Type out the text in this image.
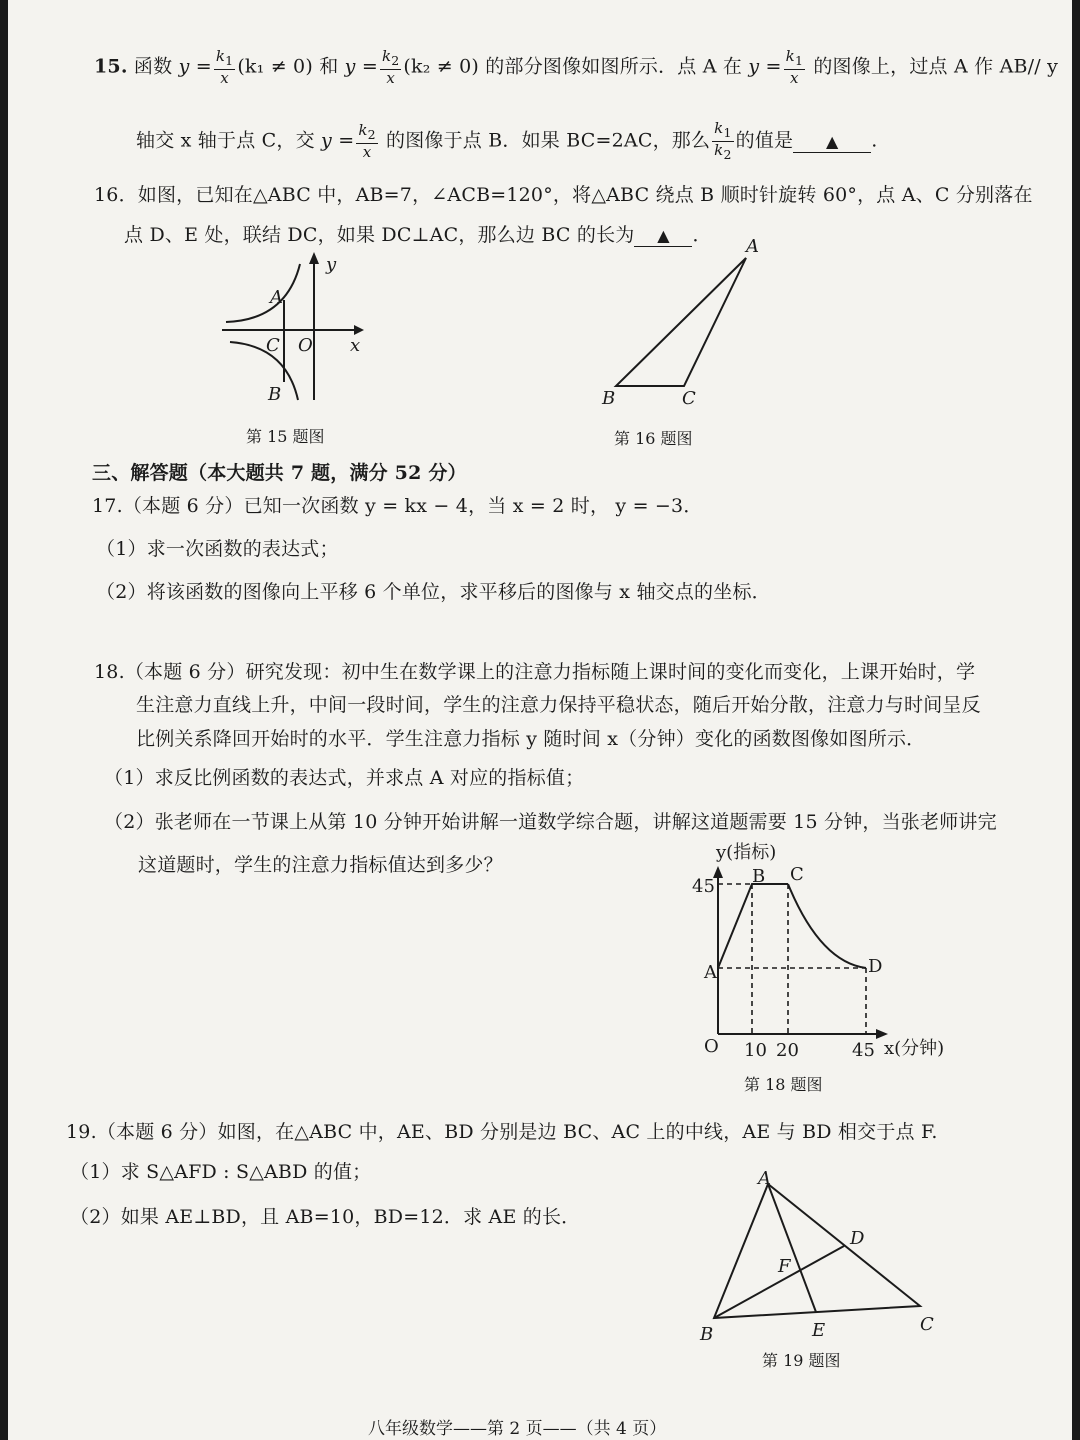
15. 函数 $y = \frac{k_1}{x} (k_1 \ne 0)$ 和 $y = \frac{k_2}{x} (k_2 \ne 0)$ 的部分图像如图所示．点 A 在 $y = \frac{k_1}{x}$ 的图像上，过点 A 作 AB// y
轴交 x 轴于点 C，交 $y = \frac{k_2}{x}$ 的图像于点 B．如果 BC=2AC，那么 $\frac{k_1}{k_2}$ 的值是 ▲ .
16．如图，已知在△ABC 中，AB=7，∠ACB=120°，将△ABC 绕点 B 顺时针旋转 60°，点 A、C 分别落在
点 D、E 处，联结 DC，如果 DC⊥AC，那么边 BC 的长为 ▲ ．
A
C O x
y
B
第 15 题图
A
B	C
第 16 题图
三、解答题（本大题共 7 题，满分 52 分）
17.（本题 6 分）已知一次函数 y = kx − 4，当 x = 2 时， y = −3．
（1）求一次函数的表达式；
（2）将该函数的图像向上平移 6 个单位，求平移后的图像与 x 轴交点的坐标．
18.（本题 6 分）研究发现：初中生在数学课上的注意力指标随上课时间的变化而变化，上课开始时，学
生注意力直线上升，中间一段时间，学生的注意力保持平稳状态，随后开始分散，注意力与时间呈反
比例关系降回开始时的水平．学生注意力指标 y 随时间 x（分钟）变化的函数图像如图所示．
（1）求反比例函数的表达式，并求点 A 对应的指标值；
（2）张老师在一节课上从第 10 分钟开始讲解一道数学综合题，讲解这道题需要 15 分钟，当张老师讲完
这道题时，学生的注意力指标值达到多少？
y(指标)
45
A
B C
D
O 10 20	45 x(分钟)
第 18 题图
19.（本题 6 分）如图，在△ABC 中，AE、BD 分别是边 BC、AC 上的中线，AE 与 BD 相交于点 F.
（1）求 S△AFD : S△ABD 的值；
（2）如果 AE⊥BD，且 AB=10，BD=12．求 AE 的长．
A
D
F
B	E	C
第 19 题图
八年级数学——第 2 页——（共 4 页）
